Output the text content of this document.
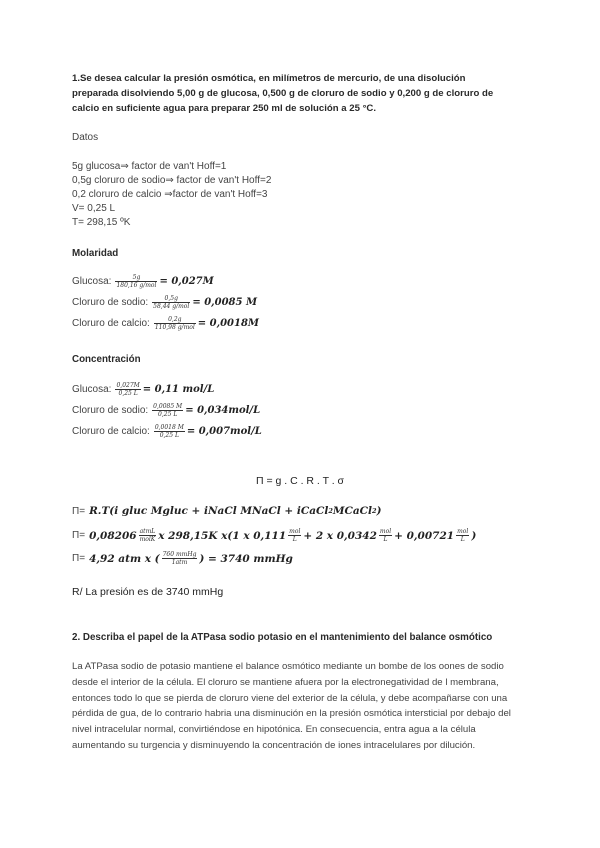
1.Se desea calcular la presión osmótica, en milímetros de mercurio, de una disolución
preparada disolviendo 5,00 g de glucosa, 0,500 g de cloruro de sodio y 0,200 g de cloruro de
calcio en suficiente agua para preparar 250 ml de solución a 25 °C.
Datos
5g glucosa⇒ factor de van't Hoff=1
0,5g cloruro de sodio⇒ factor de van't Hoff=2
0,2 cloruro de calcio ⇒factor de van't Hoff=3
V= 0,25 L
T= 298,15 ºK
Molaridad
Glucosa: $\frac{5g}{\text{180,16 g/mol}} = 0,027M$
Cloruro de sodio: $\frac{0,5g}{\text{58,44 g/mol}} = 0,0085$ M
Cloruro de calcio: $\frac{0,2g}{\text{110,98 g/mol}} = 0,0018M$
Concentración
Glucosa: $\frac{0,027M}{0,25 L} = 0,11$ mol/L
Cloruro de sodio: $\frac{0,0085 M}{0,25 L} = 0,034mol/L$
Cloruro de calcio: $\frac{0,0018 M}{0,25 L} = 0,007mol/L$
Π = g . C . R . T . σ
Π= R.T(i gluc Mgluc + iNaCl MNaCl + iCaCl 2 MCaCl 2 )
$\Pi= 0,08206 \frac{\text{atmL}}{\text{molK}}$ x 298,15K x(1 x $0,111 \frac{\text{mol}}{L} + 2$ x $0,0342 \frac{\text{mol}}{L} + 0,00721 \frac{\text{mol}}{L}$ )
Π= 4,92 atm x ( $\frac{\text{760 mmHg}}{\text{1atm}}$ ) = 3740 mmHg
R/ La presión es de 3740 mmHg
2. Describa el papel de la ATPasa sodio potasio en el mantenimiento del balance osmótico
La ATPasa sodio de potasio mantiene el balance osmótico mediante un bombe de los oones de sodio desde el interior de la célula. El cloruro se mantiene afuera por la electronegatividad de l membrana, entonces todo lo que se pierda de cloruro viene del exterior de la célula, y debe acompañarse con una pérdida de gua, de lo contrario habria una disminución en la presión osmótica intersticial por debajo del nivel intracelular normal, convirtiéndose en hipotónica. En consecuencia, entra agua a la célula aumentando su turgencia y disminuyendo la concentración de iones intracelulares por dilución.
